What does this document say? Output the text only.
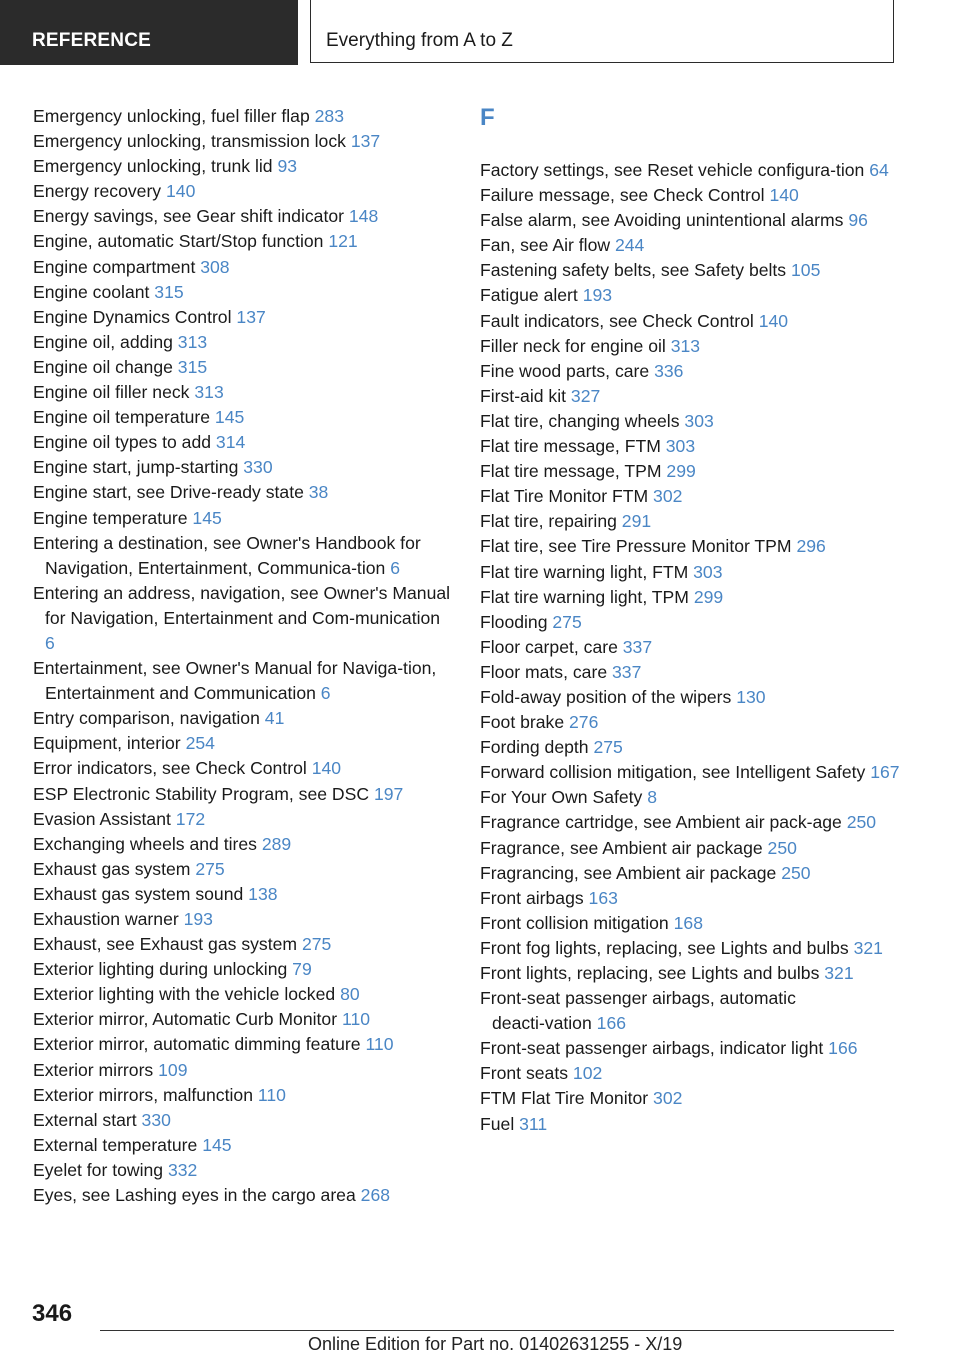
REFERENCE	Everything from A to Z
Emergency unlocking, fuel filler flap 283
Emergency unlocking, transmission lock 137
Emergency unlocking, trunk lid 93
Energy recovery 140
Energy savings, see Gear shift indicator 148
Engine, automatic Start/Stop function 121
Engine compartment 308
Engine coolant 315
Engine Dynamics Control 137
Engine oil, adding 313
Engine oil change 315
Engine oil filler neck 313
Engine oil temperature 145
Engine oil types to add 314
Engine start, jump-starting 330
Engine start, see Drive-ready state 38
Engine temperature 145
Entering a destination, see Owner's Handbook for Navigation, Entertainment, Communica‑tion 6
Entering an address, navigation, see Owner's Manual for Navigation, Entertainment and Com‑munication 6
Entertainment, see Owner's Manual for Naviga‑tion, Entertainment and Communication 6
Entry comparison, navigation 41
Equipment, interior 254
Error indicators, see Check Control 140
ESP Electronic Stability Program, see DSC 197
Evasion Assistant 172
Exchanging wheels and tires 289
Exhaust gas system 275
Exhaust gas system sound 138
Exhaustion warner 193
Exhaust, see Exhaust gas system 275
Exterior lighting during unlocking 79
Exterior lighting with the vehicle locked 80
Exterior mirror, Automatic Curb Monitor 110
Exterior mirror, automatic dimming feature 110
Exterior mirrors 109
Exterior mirrors, malfunction 110
External start 330
External temperature 145
Eyelet for towing 332
Eyes, see Lashing eyes in the cargo area 268
F
Factory settings, see Reset vehicle configura‑tion 64
Failure message, see Check Control 140
False alarm, see Avoiding unintentional alarms 96
Fan, see Air flow 244
Fastening safety belts, see Safety belts 105
Fatigue alert 193
Fault indicators, see Check Control 140
Filler neck for engine oil 313
Fine wood parts, care 336
First-aid kit 327
Flat tire, changing wheels 303
Flat tire message, FTM 303
Flat tire message, TPM 299
Flat Tire Monitor FTM 302
Flat tire, repairing 291
Flat tire, see Tire Pressure Monitor TPM 296
Flat tire warning light, FTM 303
Flat tire warning light, TPM 299
Flooding 275
Floor carpet, care 337
Floor mats, care 337
Fold-away position of the wipers 130
Foot brake 276
Fording depth 275
Forward collision mitigation, see Intelligent Safety 167
For Your Own Safety 8
Fragrance cartridge, see Ambient air pack‑age 250
Fragrance, see Ambient air package 250
Fragrancing, see Ambient air package 250
Front airbags 163
Front collision mitigation 168
Front fog lights, replacing, see Lights and bulbs 321
Front lights, replacing, see Lights and bulbs 321
Front-seat passenger airbags, automatic deacti‑vation 166
Front-seat passenger airbags, indicator light 166
Front seats 102
FTM Flat Tire Monitor 302
Fuel 311
346
Online Edition for Part no. 01402631255 - X/19
